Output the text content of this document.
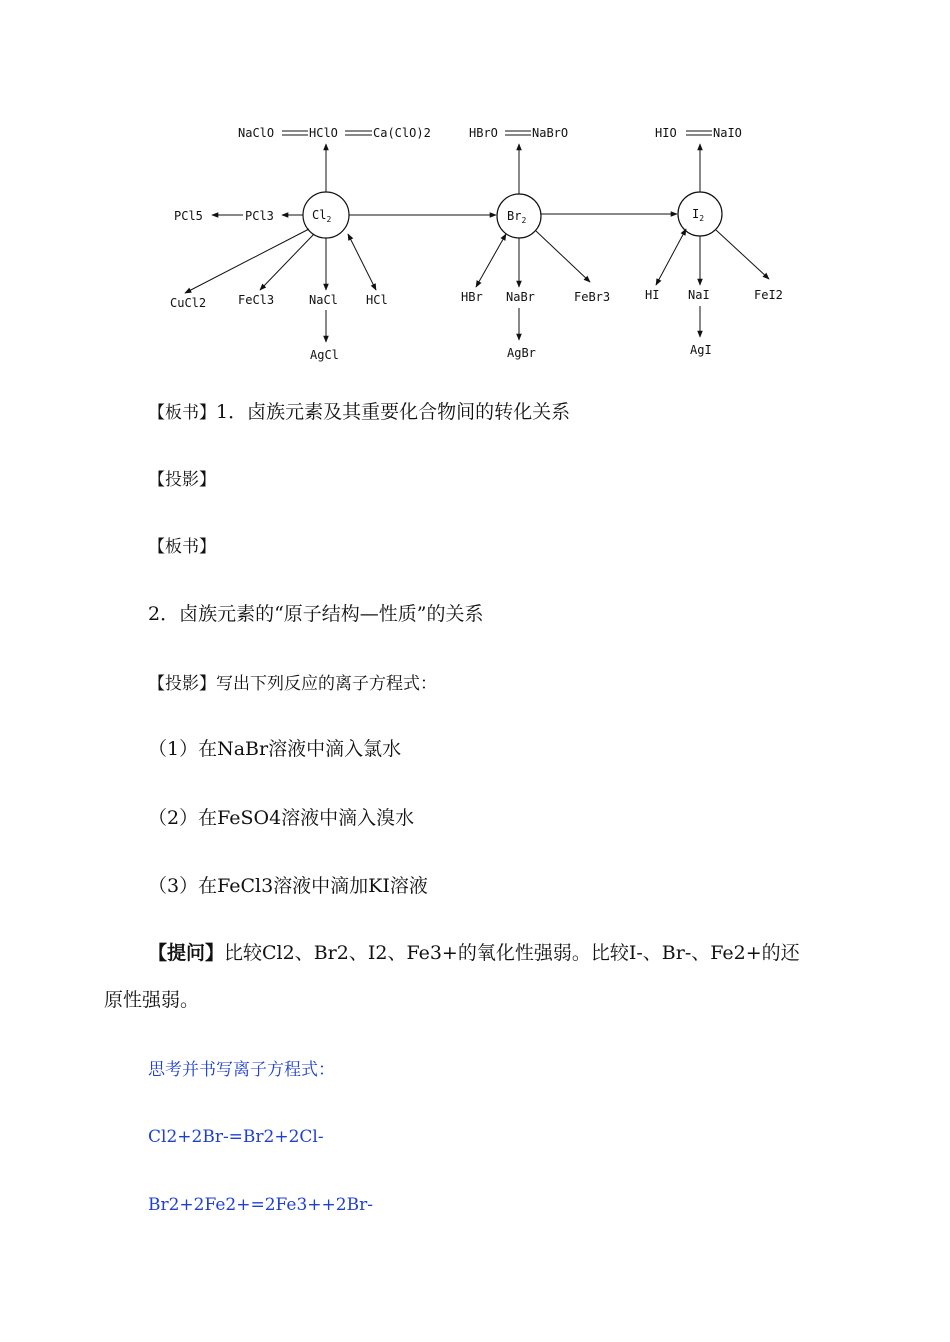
$Cl_2$
NaClO	HClO	Ca(ClO)2
PCl5	PCl3
CuCl2	FeCl3	NaCl HCl
AgCl
$Br_2$
HBrO	NaBrO
HBr NaBr	FeBr3
AgBr
$I_2$
HIO	NaIO
HI NaI	FeI2
AgI
【板书】1．卤族元素及其重要化合物间的转化关系
【投影】
【板书】
2．卤族元素的“原子结构—性质”的关系
【投影】写出下列反应的离子方程式：
（1）在NaBr溶液中滴入氯水
（2）在FeSO4溶液中滴入溴水
（3）在FeCl3溶液中滴加KI溶液
【提问】比较Cl2、Br2、I2、Fe3+的氧化性强弱。比较I-、Br-、Fe2+的还
原性强弱。
思考并书写离子方程式：
Cl2+2Br-=Br2+2Cl-
Br2+2Fe2+=2Fe3++2Br-
